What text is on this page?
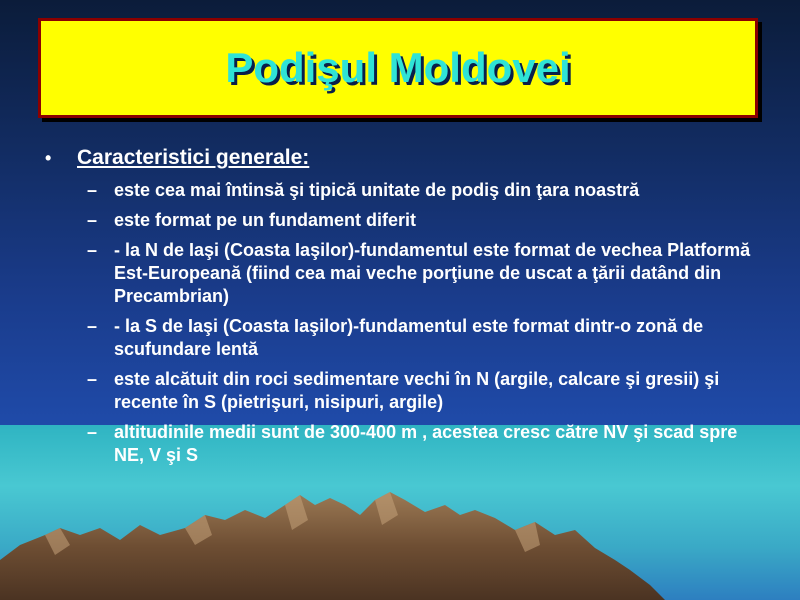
Podişul Moldovei
•	Caracteristici generale:
– este cea mai întinsă şi tipică unitate de podiş din ţara noastră
– este format pe un fundament diferit
– - la N de Iaşi (Coasta Iaşilor)-fundamentul este format de vechea Platformă Est-Europeană (fiind cea mai veche porţiune de uscat a ţării datând din Precambrian)
– - la S de Iaşi (Coasta Iaşilor)-fundamentul este format dintr-o zonă de scufundare lentă
– este alcătuit din roci sedimentare vechi în N (argile, calcare şi gresii) şi recente în S (pietrişuri, nisipuri, argile)
– altitudinile medii sunt de 300-400 m , acestea cresc către NV şi scad spre NE, V şi S
